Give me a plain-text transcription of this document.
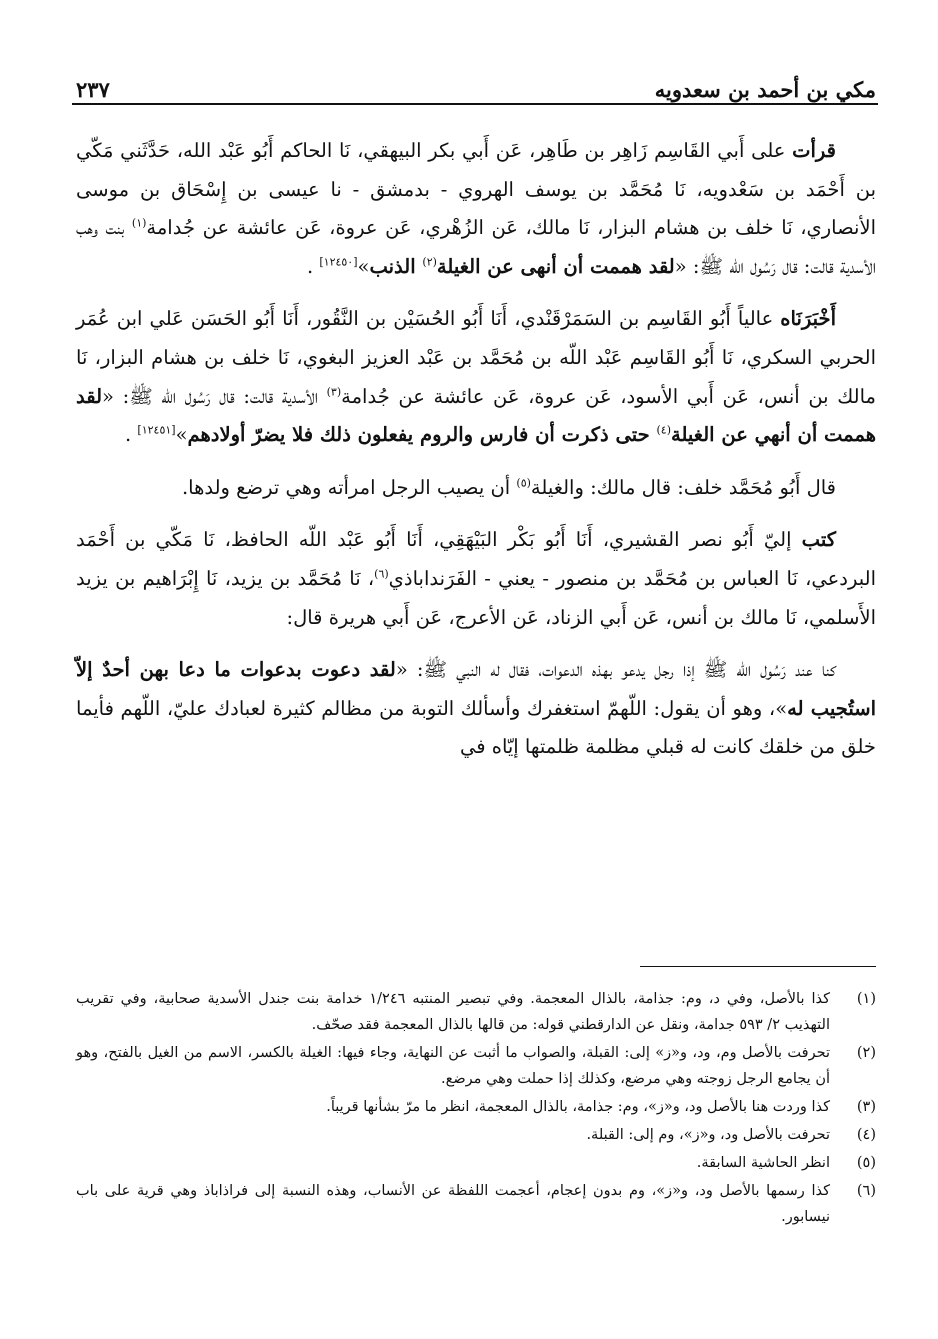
مكي بن أحمد بن سعدويه
٢٣٧

قرأت على أَبي القَاسِم زَاهِر بن طَاهِر، عَن أَبي بكر البيهقي، نَا الحاكم أَبُو عَبْد الله، حَدَّثَني مَكّي بن أَحْمَد بن سَعْدويه، نَا مُحَمَّد بن يوسف الهروي - بدمشق - نا عيسى بن إِسْحَاق بن موسى الأنصاري، نَا خلف بن هشام البزار، نَا مالك، عَن الزُهْري، عَن عروة، عَن عائشة عن جُدامة$^{(١)}$ بنت وهب الأسدية قالت: قال رَسُول الله ﷺ: «لقد هممت أن أنهى عن الغيلة$^{(٢)}$ الذنب»[١٢٤٥٠] .

أَخْبَرَنَاه عالياً أَبُو القَاسِم بن السَمَرْقَنْدي، أَنَا أَبُو الحُسَيْن بن النَّقُور، أَنَا أَبُو الحَسَن عَلي ابن عُمَر الحربي السكري، نَا أَبُو القَاسِم عَبْد اللّه بن مُحَمَّد بن عَبْد العزيز البغوي، نَا خلف بن هشام البزار، نَا مالك بن أنس، عَن أَبي الأسود، عَن عروة، عَن عائشة عن جُدامة$^{(٣)}$ الأسدية قالت: قال رَسُول الله ﷺ: «لقد هممت أن أنهي عن الغيلة$^{(٤)}$ حتى ذكرت أن فارس والروم يفعلون ذلك فلا يضرّ أولادهم»[١٢٤٥١] .

قال أَبُو مُحَمَّد خلف: قال مالك: والغيلة$^{(٥)}$ أن يصيب الرجل امرأته وهي ترضع ولدها.

كتب إليّ أَبُو نصر القشيري، أَنَا أَبُو بَكْر البَيْهَقِي، أَنَا أَبُو عَبْد اللّه الحافظ، نَا مَكّي بن أَحْمَد البردعي، نَا العباس بن مُحَمَّد بن منصور - يعني - الفَرَنداباذي$^{(٦)}$، نَا مُحَمَّد بن يزيد، نَا إِبْرَاهيم بن يزيد الأَسلمي، نَا مالك بن أنس، عَن أَبي الزناد، عَن الأعرج، عَن أَبي هريرة قال:

كنا عند رَسُول الله ﷺ إذا رجل يدعو بهذه الدعوات، فقال له النبي ﷺ: «لقد دعوت بدعوات ما دعا بهن أحدٌ إلاّ استُجيب له»، وهو أن يقول: اللّهمّ استغفرك وأسألك التوبة من مظالم كثيرة لعبادك عليّ، اللّهم فأيما خلق من خلقك كانت له قبلي مظلمة ظلمتها إيّاه في

(١)
كذا بالأصل، وفي د، وم: جذامة، بالذال المعجمة. وفي تبصير المنتبه ١/٢٤٦ خدامة بنت جندل الأسدية صحابية، وفي تقريب التهذيب ٢/ ٥٩٣ جدامة، ونقل عن الدارقطني قوله: من قالها بالذال المعجمة فقد صحّف.
(٢)
تحرفت بالأصل وم، ود، و«ز» إلى: القبلة، والصواب ما أثبت عن النهاية، وجاء فيها: الغيلة بالكسر، الاسم من الغيل بالفتح، وهو أن يجامع الرجل زوجته وهي مرضع، وكذلك إذا حملت وهي مرضع.
(٣)
كذا وردت هنا بالأصل ود، و«ز»، وم: جذامة، بالذال المعجمة، انظر ما مرّ بشأنها قريباً.
(٤)
تحرفت بالأصل ود، و«ز»، وم إلى: القبلة.
(٥)
انظر الحاشية السابقة.
(٦)
كذا رسمها بالأصل ود، و«ز»، وم بدون إعجام، أعجمت اللفظة عن الأنساب، وهذه النسبة إلى فراذاباذ وهي قرية على باب نيسابور.
